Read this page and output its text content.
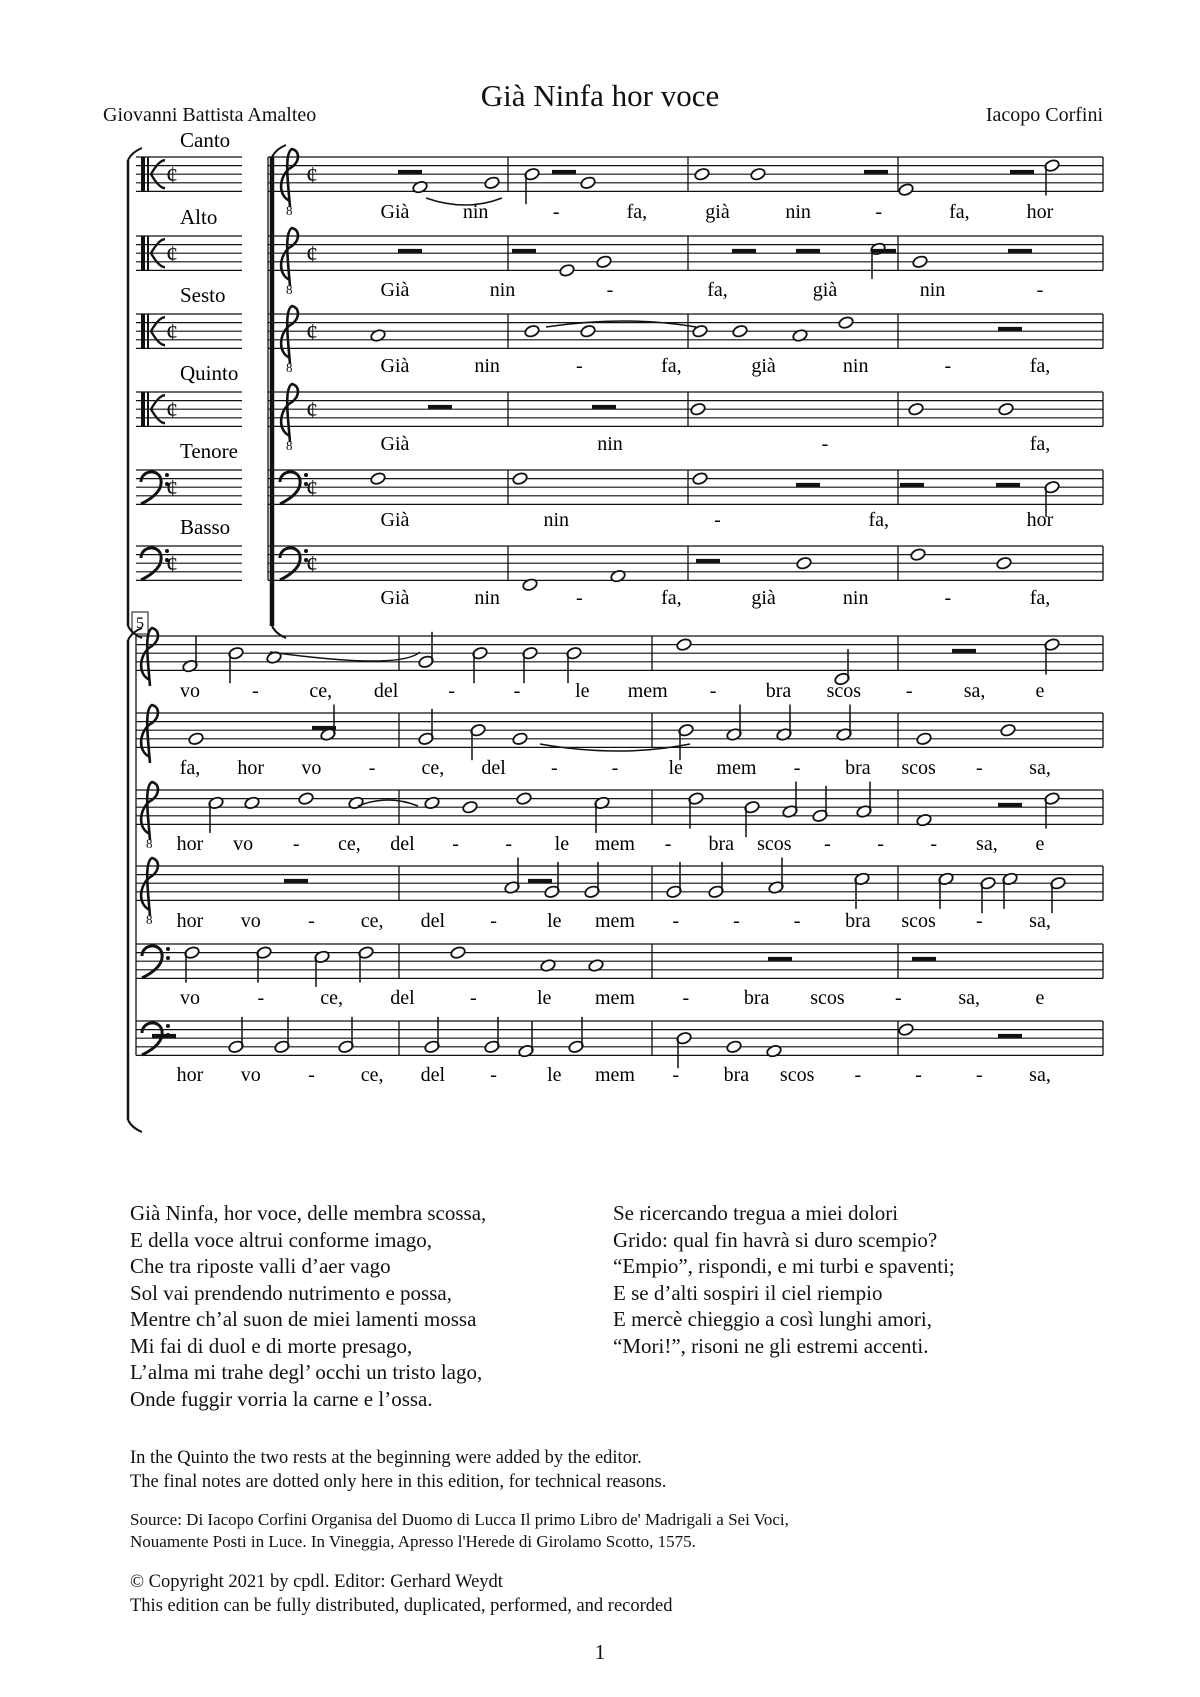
Già Ninfa hor voce
Giovanni Battista Amalteo	Iacopo Corfini
¢
8
¢
¢
8
¢
¢
8
¢
¢
8
¢
¢	¢
¢	¢
8
8
Canto
Alto
Sesto
Quinto
Tenore
Basso
Già	nin	-	fa,	già	nin	-	fa,	hor
Già	nin	-	fa,	già	nin	-
Già	nin	-	fa,	già	nin	-	fa,
Già	nin	-	fa,
Già	nin	-	fa,	hor
Già	nin	-	fa,	già	nin	-	fa,
vo	-	ce, del -	-	le mem - bra scos -	sa,	e
fa, hor vo - ce, del -	-	le mem - bra scos - sa,
hor vo - ce, del - - le mem - bra scos - - - sa, e
hor vo - ce, del -	le mem -	-	- bra scos - sa,
vo	-	ce, del	-	le mem -	bra scos	-	sa,	e
hor vo - ce, del -	le mem - bra scos -	-	- sa,
5
Già Ninfa, hor voce, delle membra scossa,
E della voce altrui conforme imago,
Che tra riposte valli d’aer vago
Sol vai prendendo nutrimento e possa,
Mentre ch’al suon de miei lamenti mossa
Mi fai di duol e di morte presago,
L’alma mi trahe degl’ occhi un tristo lago,
Onde fuggir vorria la carne e l’ossa.
Se ricercando tregua a miei dolori
Grido: qual fin havrà si duro scempio?
“Empio”, rispondi, e mi turbi e spaventi;
E se d’alti sospiri il ciel riempio
E mercè chieggio a così lunghi amori,
“Mori!”, risoni ne gli estremi accenti.
In the Quinto the two rests at the beginning were added by the editor.
The final notes are dotted only here in this edition, for technical reasons.
Source: Di Iacopo Corfini Organisa del Duomo di Lucca Il primo Libro de' Madrigali a Sei Voci,
Nouamente Posti in Luce. In Vineggia, Apresso l'Herede di Girolamo Scotto, 1575.
© Copyright 2021 by cpdl. Editor: Gerhard Weydt
This edition can be fully distributed, duplicated, performed, and recorded
1
